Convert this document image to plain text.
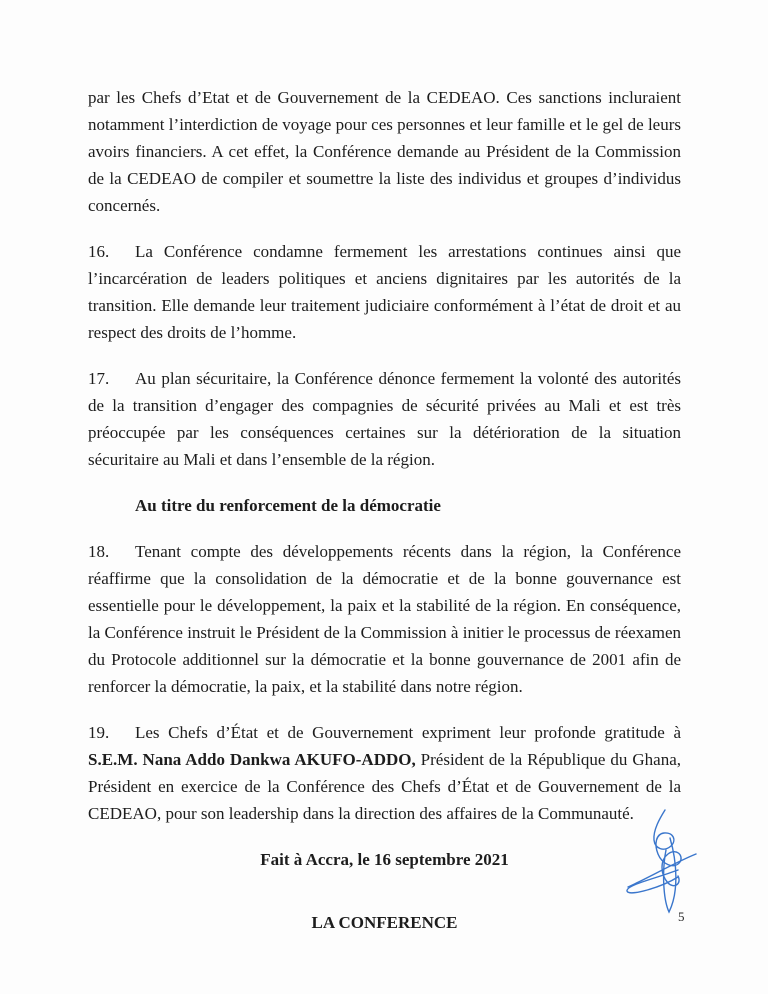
par les Chefs d’Etat et de Gouvernement de la CEDEAO. Ces sanctions incluraient notamment l’interdiction de voyage pour ces personnes et leur famille et le gel de leurs avoirs financiers. A cet effet, la Conférence demande au Président de la Commission de la CEDEAO de compiler et soumettre la liste des individus et groupes d’individus concernés.

16. La Conférence condamne fermement les arrestations continues ainsi que l’incarcération de leaders politiques et anciens dignitaires par les autorités de la transition. Elle demande leur traitement judiciaire conformément à l’état de droit et au respect des droits de l’homme.

17. Au plan sécuritaire, la Conférence dénonce fermement la volonté des autorités de la transition d’engager des compagnies de sécurité privées au Mali et est très préoccupée par les conséquences certaines sur la détérioration de la situation sécuritaire au Mali et dans l’ensemble de la région.

Au titre du renforcement de la démocratie

18. Tenant compte des développements récents dans la région, la Conférence réaffirme que la consolidation de la démocratie et de la bonne gouvernance est essentielle pour le développement, la paix et la stabilité de la région. En conséquence, la Conférence instruit le Président de la Commission à initier le processus de réexamen du Protocole additionnel sur la démocratie et la bonne gouvernance de 2001 afin de renforcer la démocratie, la paix, et la stabilité dans notre région.

19. Les Chefs d’État et de Gouvernement expriment leur profonde gratitude à S.E.M. Nana Addo Dankwa AKUFO-ADDO, Président de la République du Ghana, Président en exercice de la Conférence des Chefs d’État et de Gouvernement de la CEDEAO, pour son leadership dans la direction des affaires de la Communauté.

Fait à Accra, le 16 septembre 2021

LA CONFERENCE	5
